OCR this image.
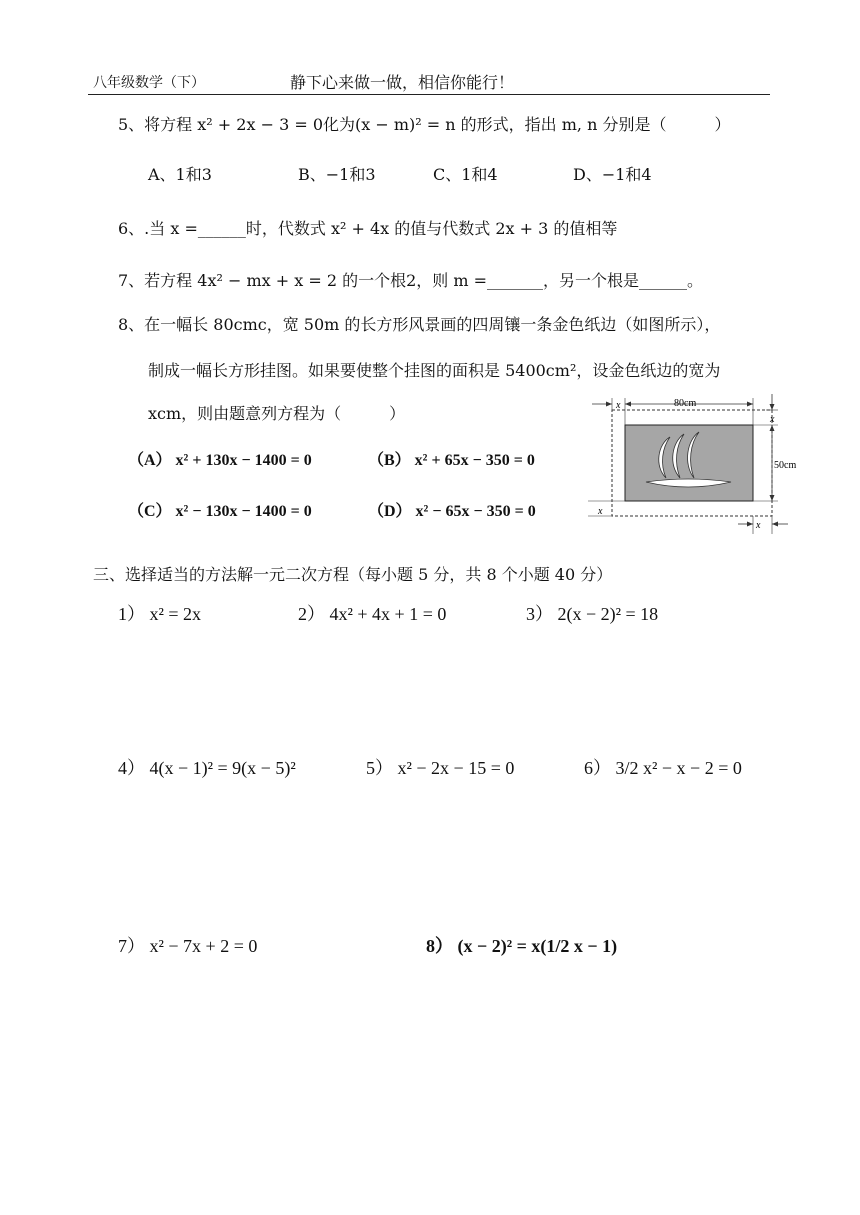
八年级数学（下）	静下心来做一做，相信你能行！
5、将方程 x² + 2x − 3 = 0化为(x − m)² = n 的形式，指出 m, n 分别是（　　　）
A、1和3	B、−1和3	C、1和4	D、−1和4
6、.当 x =______时，代数式 x² + 4x 的值与代数式 2x + 3 的值相等
7、若方程 4x² − mx + x = 2 的一个根2，则 m =_______，另一个根是______。
8、在一幅长 80cmc，宽 50m 的长方形风景画的四周镶一条金色纸边（如图所示），
制成一幅长方形挂图。如果要使整个挂图的面积是 5400cm²，设金色纸边的宽为
xcm，则由题意列方程为（　　　）
（A） x² + 130x − 1400 = 0	（B） x² + 65x − 350 = 0
（C） x² − 130x − 1400 = 0	（D） x² − 65x − 350 = 0
80cm
x
50cm
x
x
x
三、选择适当的方法解一元二次方程（每小题 5 分，共 8 个小题 40 分）
1） x² = 2x	2） 4x² + 4x + 1 = 0	3） 2(x − 2)² = 18
4） 4(x − 1)² = 9(x − 5)²	5） x² − 2x − 15 = 0	6） 3/2 x² − x − 2 = 0
7） x² − 7x + 2 = 0	8） (x − 2)² = x(1/2 x − 1)
